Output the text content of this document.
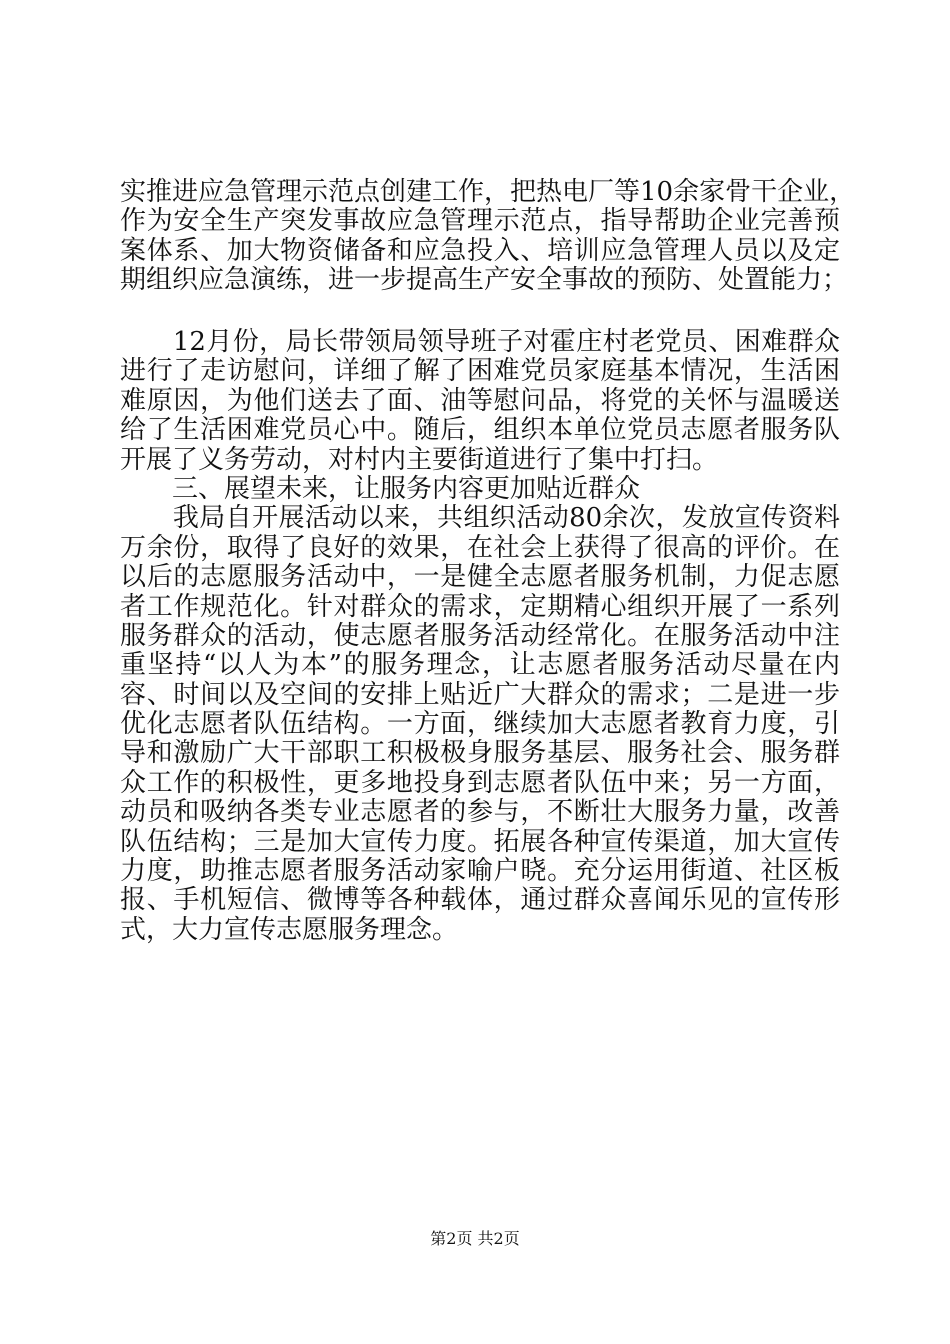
实推进应急管理示范点创建工作，把热电厂等10余家骨干企业，
作为安全生产突发事故应急管理示范点，指导帮助企业完善预
案体系、加大物资储备和应急投入、培训应急管理人员以及定
期组织应急演练，进一步提高生产安全事故的预防、处置能力；
　　12月份，局长带领局领导班子对霍庄村老党员、困难群众
进行了走访慰问，详细了解了困难党员家庭基本情况，生活困
难原因，为他们送去了面、油等慰问品，将党的关怀与温暖送
给了生活困难党员心中。随后，组织本单位党员志愿者服务队
开展了义务劳动，对村内主要街道进行了集中打扫。
　　三、展望未来，让服务内容更加贴近群众
　　我局自开展活动以来，共组织活动80余次，发放宣传资料
万余份，取得了良好的效果，在社会上获得了很高的评价。在
以后的志愿服务活动中，一是健全志愿者服务机制，力促志愿
者工作规范化。针对群众的需求，定期精心组织开展了一系列
服务群众的活动，使志愿者服务活动经常化。在服务活动中注
重坚持“以人为本”的服务理念，让志愿者服务活动尽量在内
容、时间以及空间的安排上贴近广大群众的需求；二是进一步
优化志愿者队伍结构。一方面，继续加大志愿者教育力度，引
导和激励广大干部职工积极极身服务基层、服务社会、服务群
众工作的积极性，更多地投身到志愿者队伍中来；另一方面，
动员和吸纳各类专业志愿者的参与，不断壮大服务力量，改善
队伍结构；三是加大宣传力度。拓展各种宣传渠道，加大宣传
力度，助推志愿者服务活动家喻户晓。充分运用街道、社区板
报、手机短信、微博等各种载体，通过群众喜闻乐见的宣传形
式，大力宣传志愿服务理念。
第2页 共2页
